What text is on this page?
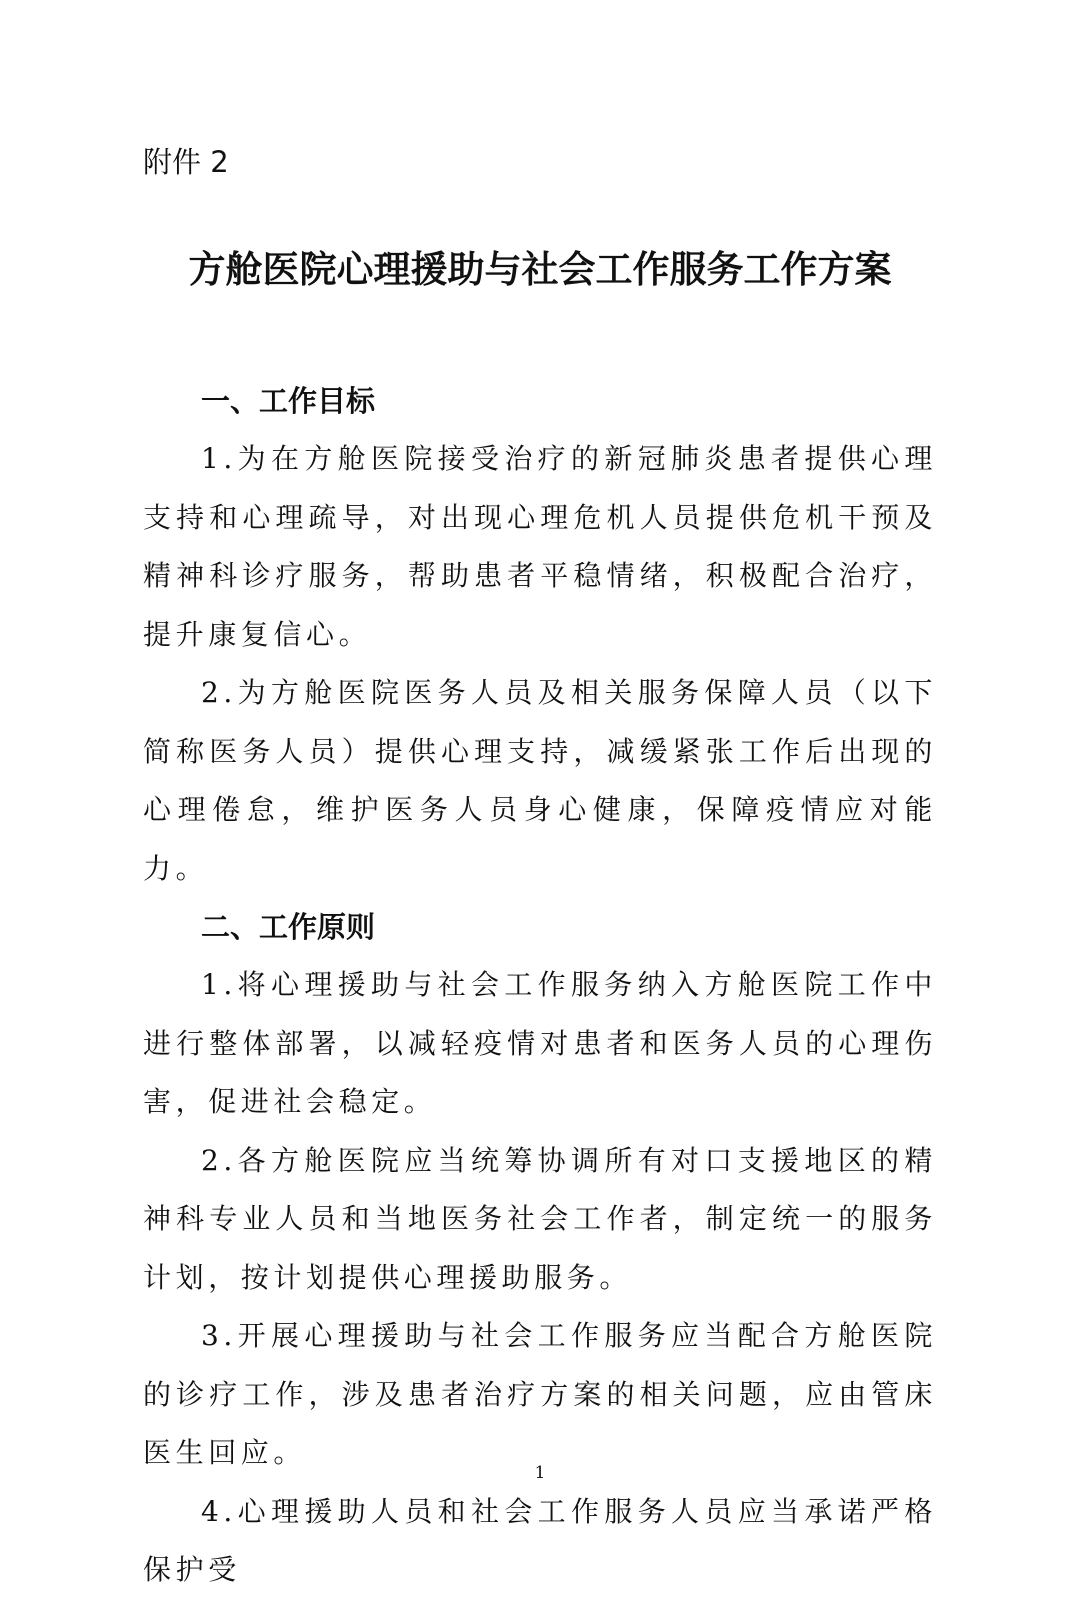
附件 2
方舱医院心理援助与社会工作服务工作方案
一、工作目标

1.为在方舱医院接受治疗的新冠肺炎患者提供心理支持和心理疏导，对出现心理危机人员提供危机干预及精神科诊疗服务，帮助患者平稳情绪，积极配合治疗，提升康复信心。

2.为方舱医院医务人员及相关服务保障人员（以下简称医务人员）提供心理支持，减缓紧张工作后出现的心理倦怠，维护医务人员身心健康，保障疫情应对能力。

二、工作原则

1.将心理援助与社会工作服务纳入方舱医院工作中进行整体部署，以减轻疫情对患者和医务人员的心理伤害，促进社会稳定。

2.各方舱医院应当统筹协调所有对口支援地区的精神科专业人员和当地医务社会工作者，制定统一的服务计划，按计划提供心理援助服务。

3.开展心理援助与社会工作服务应当配合方舱医院的诊疗工作，涉及患者治疗方案的相关问题，应由管床医生回应。

4.心理援助人员和社会工作服务人员应当承诺严格保护受

1
